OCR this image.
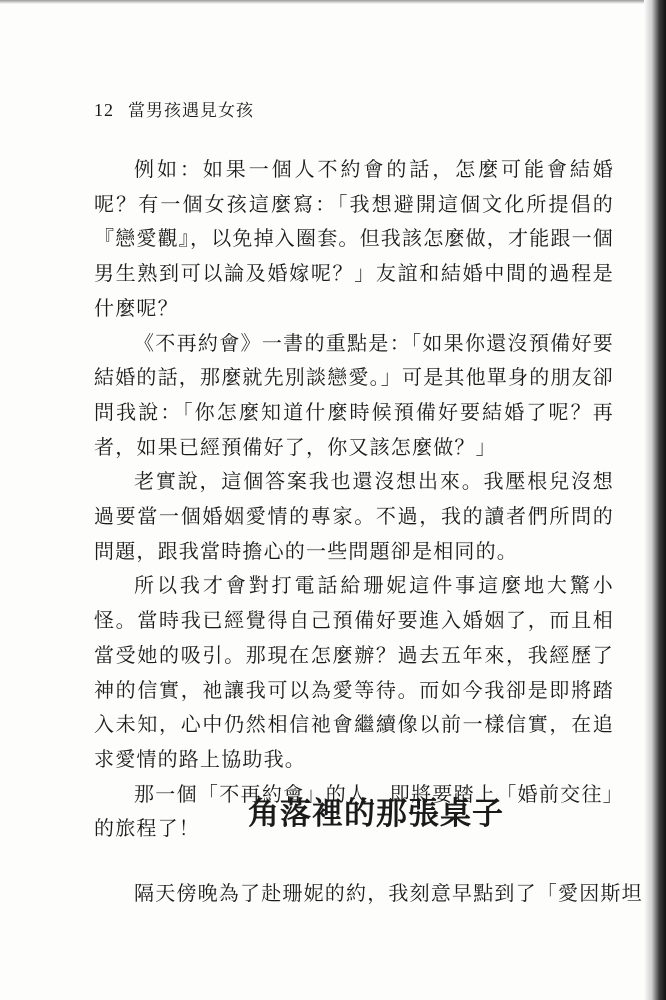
12 當男孩遇見女孩

例如：如果一個人不約會的話，怎麼可能會結婚呢？有一個女孩這麼寫：「我想避開這個文化所提倡的『戀愛觀』，以免掉入圈套。但我該怎麼做，才能跟一個男生熟到可以論及婚嫁呢？」友誼和結婚中間的過程是什麼呢？

《不再約會》一書的重點是：「如果你還沒預備好要結婚的話，那麼就先別談戀愛。」可是其他單身的朋友卻問我說：「你怎麼知道什麼時候預備好要結婚了呢？再者，如果已經預備好了，你又該怎麼做？」

老實說，這個答案我也還沒想出來。我壓根兒沒想過要當一個婚姻愛情的專家。不過，我的讀者們所問的問題，跟我當時擔心的一些問題卻是相同的。

所以我才會對打電話給珊妮這件事這麼地大驚小怪。當時我已經覺得自己預備好要進入婚姻了，而且相當受她的吸引。那現在怎麼辦？過去五年來，我經歷了神的信實，祂讓我可以為愛等待。而如今我卻是即將踏入未知，心中仍然相信祂會繼續像以前一樣信實，在追求愛情的路上協助我。

那一個「不再約會」的人，即將要踏上「婚前交往」的旅程了！	角落裡的那張桌子

隔天傍晚為了赴珊妮的約，我刻意早點到了「愛因斯坦
